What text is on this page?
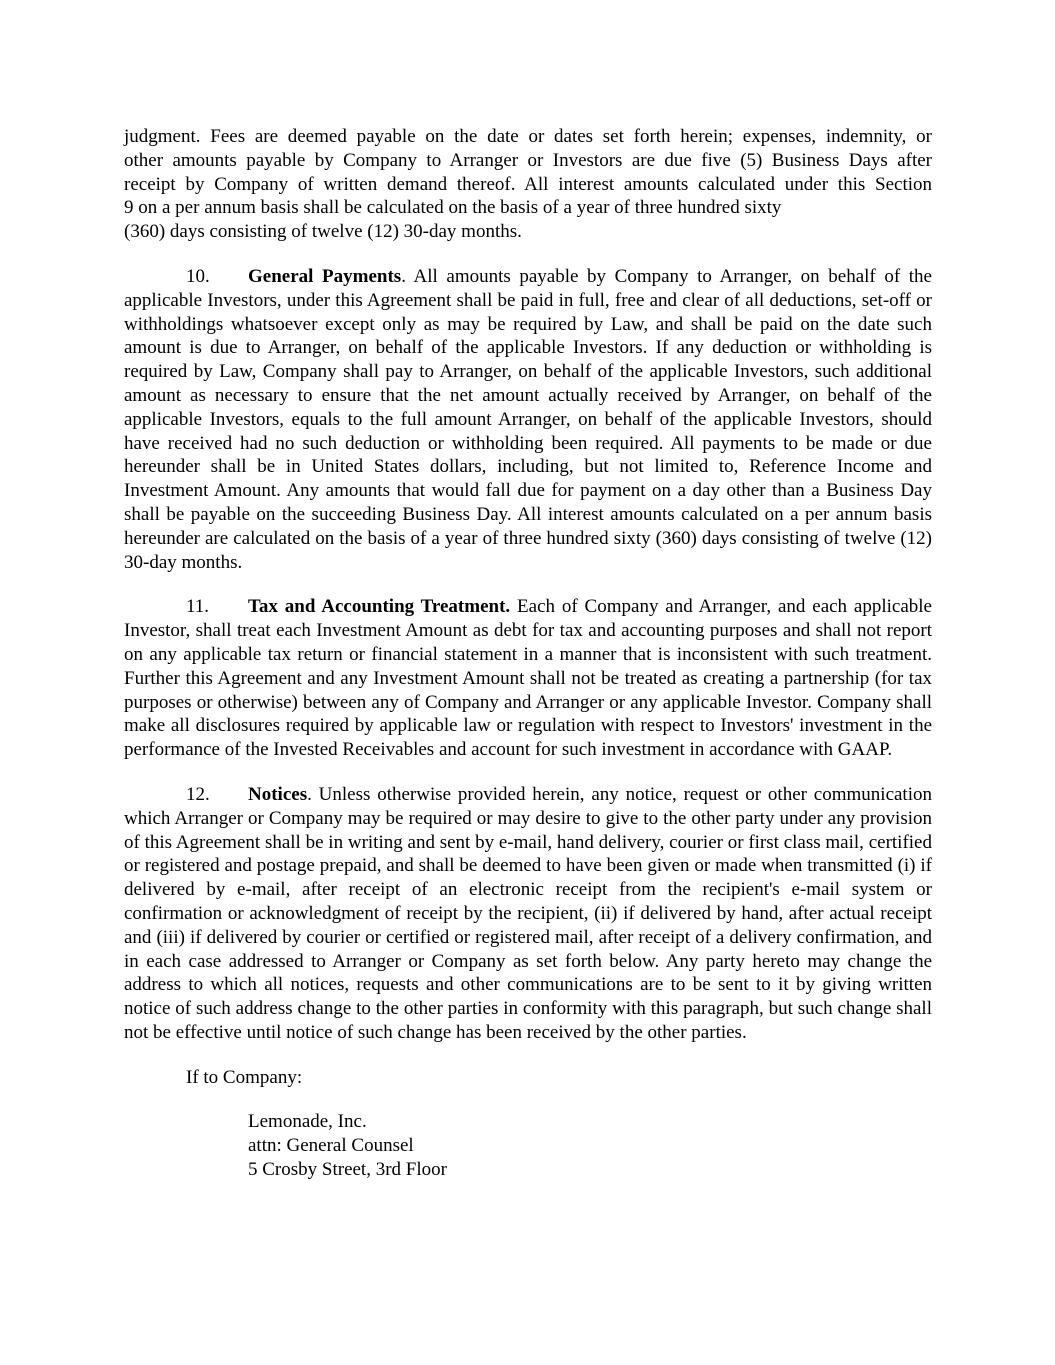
judgment. Fees are deemed payable on the date or dates set forth herein; expenses, indemnity, or
other amounts payable by Company to Arranger or Investors are due five (5) Business Days after
receipt by Company of written demand thereof. All interest amounts calculated under this Section
9 on a per annum basis shall be calculated on the basis of a year of three hundred sixty
(360) days consisting of twelve (12) 30-day months.

10. General Payments. All amounts payable by Company to Arranger, on behalf of the applicable Investors, under this Agreement shall be paid in full, free and clear of all deductions, set-off or withholdings whatsoever except only as may be required by Law, and shall be paid on the date such amount is due to Arranger, on behalf of the applicable Investors. If any deduction or withholding is required by Law, Company shall pay to Arranger, on behalf of the applicable Investors, such additional amount as necessary to ensure that the net amount actually received by Arranger, on behalf of the applicable Investors, equals to the full amount Arranger, on behalf of the applicable Investors, should have received had no such deduction or withholding been required. All payments to be made or due hereunder shall be in United States dollars, including, but not limited to, Reference Income and Investment Amount. Any amounts that would fall due for payment on a day other than a Business Day shall be payable on the succeeding Business Day. All interest amounts calculated on a per annum basis hereunder are calculated on the basis of a year of three hundred sixty (360) days consisting of twelve (12) 30-day months.

11. Tax and Accounting Treatment. Each of Company and Arranger, and each applicable Investor, shall treat each Investment Amount as debt for tax and accounting purposes and shall not report on any applicable tax return or financial statement in a manner that is inconsistent with such treatment. Further this Agreement and any Investment Amount shall not be treated as creating a partnership (for tax purposes or otherwise) between any of Company and Arranger or any applicable Investor. Company shall make all disclosures required by applicable law or regulation with respect to Investors' investment in the performance of the Invested Receivables and account for such investment in accordance with GAAP.

12. Notices. Unless otherwise provided herein, any notice, request or other communication which Arranger or Company may be required or may desire to give to the other party under any provision of this Agreement shall be in writing and sent by e-mail, hand delivery, courier or first class mail, certified or registered and postage prepaid, and shall be deemed to have been given or made when transmitted (i) if delivered by e-mail, after receipt of an electronic receipt from the recipient's e-mail system or confirmation or acknowledgment of receipt by the recipient, (ii) if delivered by hand, after actual receipt and (iii) if delivered by courier or certified or registered mail, after receipt of a delivery confirmation, and in each case addressed to Arranger or Company as set forth below. Any party hereto may change the address to which all notices, requests and other communications are to be sent to it by giving written notice of such address change to the other parties in conformity with this paragraph, but such change shall not be effective until notice of such change has been received by the other parties.

If to Company:

Lemonade, Inc.
attn: General Counsel
5 Crosby Street, 3rd Floor
